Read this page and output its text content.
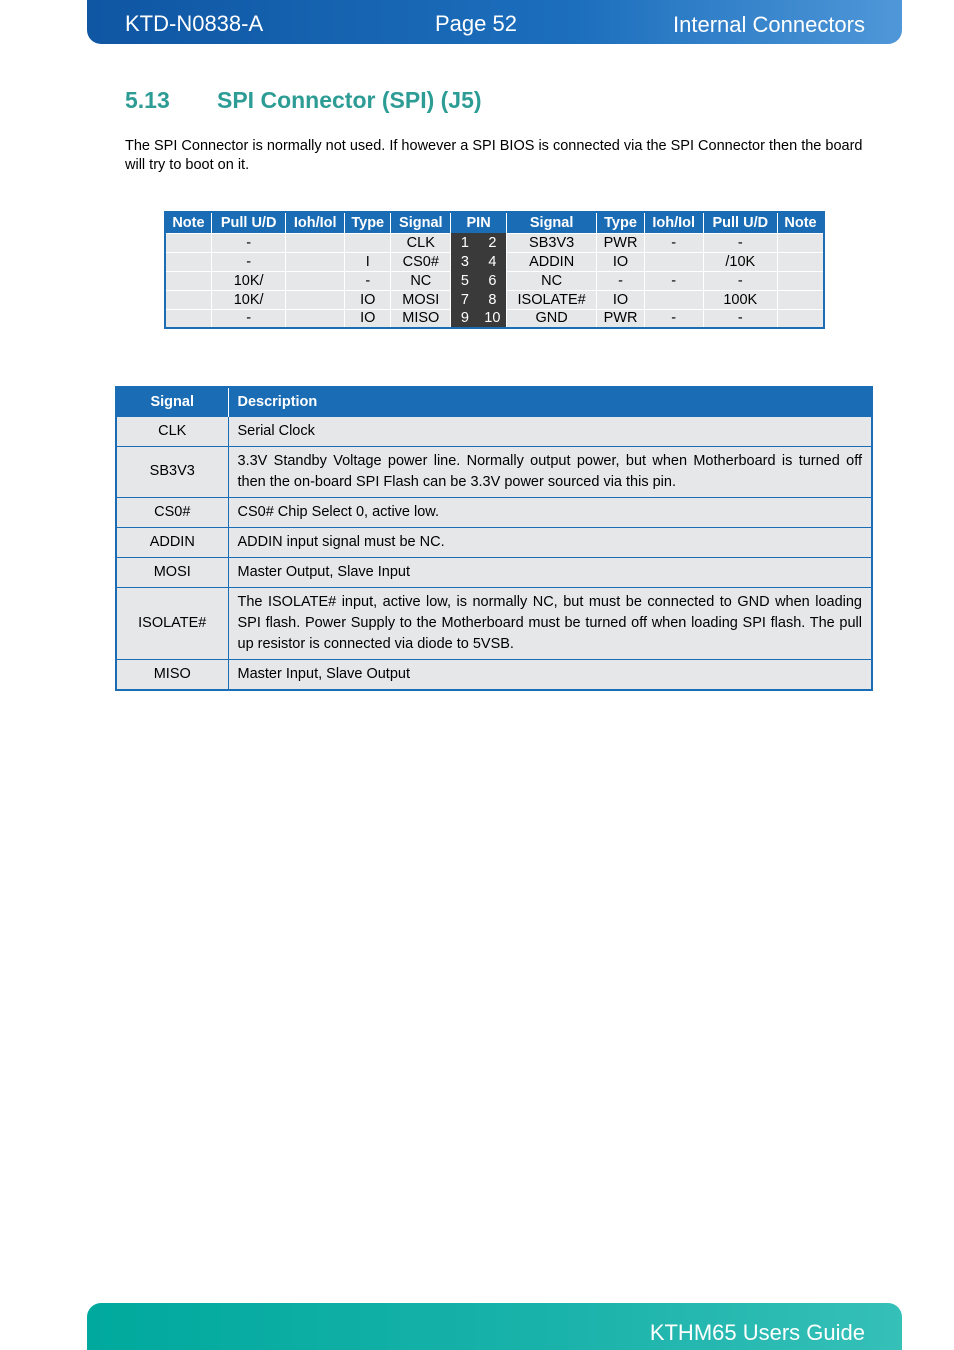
KTD-N0838-A	Page 52	Internal Connectors
5.13 SPI Connector (SPI) (J5)

The SPI Connector is normally not used. If however a SPI BIOS is connected via the SPI Connector then the board will try to boot on it.

Note	Pull U/D	Ioh/Iol	Type	Signal	PIN		Signal	Type	Ioh/Iol	Pull U/D	Note
	-			CLK	1	2	SB3V3	PWR	-	-	
	-		I	CS0#	3	4	ADDIN	IO		/10K	
	10K/		-	NC	5	6	NC	-	-	-	
	10K/		IO	MOSI	7	8	ISOLATE#	IO		100K	
	-		IO	MISO	9	10	GND	PWR	-	-	
Signal	Description
CLK	Serial Clock
SB3V3	3.3V Standby Voltage power line. Normally output power, but when Motherboard is turned off then the on-board SPI Flash can be 3.3V power sourced via this pin.
CS0#	CS0# Chip Select 0, active low.
ADDIN	ADDIN input signal must be NC.
MOSI	Master Output, Slave Input
ISOLATE#	The ISOLATE# input, active low, is normally NC, but must be connected to GND when loading SPI flash. Power Supply to the Motherboard must be turned off when loading SPI flash. The pull up resistor is connected via diode to 5VSB.
MISO	Master Input, Slave Output
KTHM65 Users Guide
